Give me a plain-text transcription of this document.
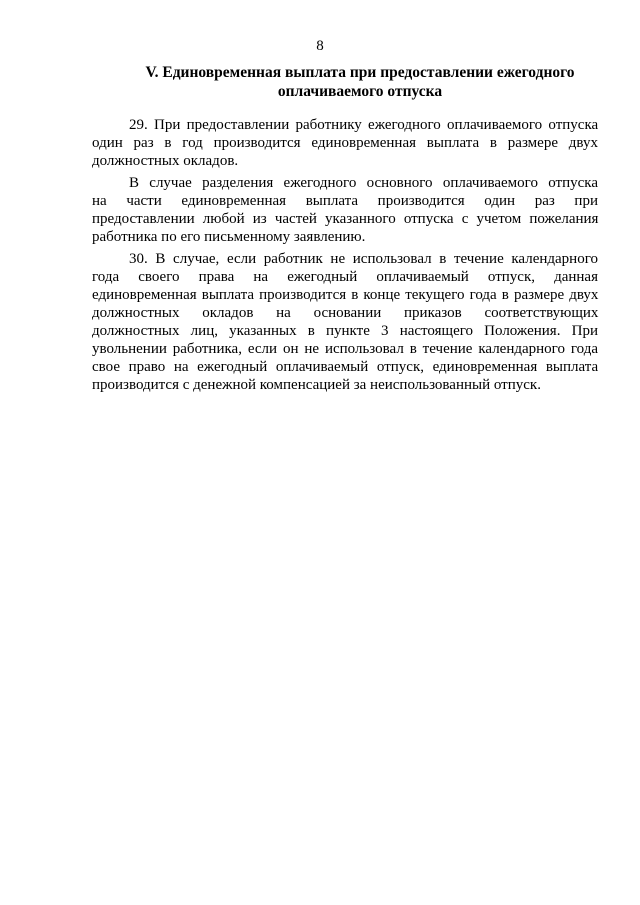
8
V. Единовременная выплата при предоставлении ежегодного
оплачиваемого отпуска

29. При предоставлении работнику ежегодного оплачиваемого отпуска
один раз в год производится единовременная выплата в размере двух
должностных окладов.

В случае разделения ежегодного основного оплачиваемого отпуска
на части единовременная выплата производится один раз при
предоставлении любой из частей указанного отпуска с учетом пожелания
работника по его письменному заявлению.

30. В случае, если работник не использовал в течение календарного
года своего права на ежегодный оплачиваемый отпуск, данная
единовременная выплата производится в конце текущего года в размере двух
должностных окладов на основании приказов соответствующих
должностных лиц, указанных в пункте 3 настоящего Положения. При
увольнении работника, если он не использовал в течение календарного года
свое право на ежегодный оплачиваемый отпуск, единовременная выплата
производится с денежной компенсацией за неиспользованный отпуск.
